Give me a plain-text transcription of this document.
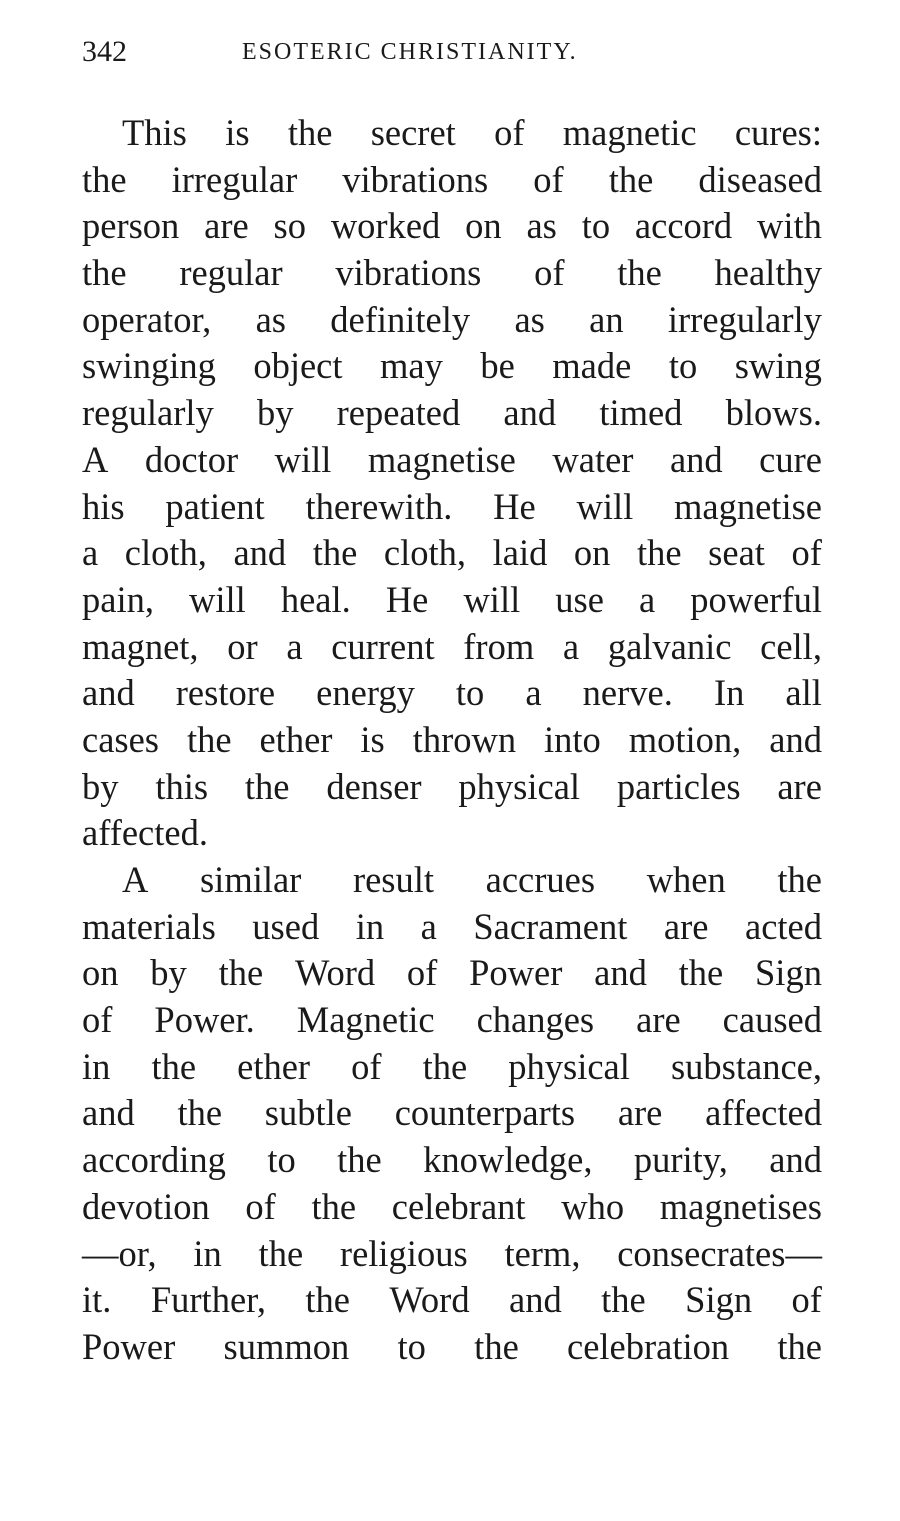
342	ESOTERIC CHRISTIANITY.
This is the secret of magnetic cures:
the irregular vibrations of the diseased
person are so worked on as to accord with
the regular vibrations of the healthy
operator, as definitely as an irregularly
swinging object may be made to swing
regularly by repeated and timed blows.
A doctor will magnetise water and cure
his patient therewith. He will magnetise
a cloth, and the cloth, laid on the seat of
pain, will heal. He will use a powerful
magnet, or a current from a galvanic cell,
and restore energy to a nerve. In all
cases the ether is thrown into motion, and
by this the denser physical particles are
affected.

A similar result accrues when the
materials used in a Sacrament are acted
on by the Word of Power and the Sign
of Power. Magnetic changes are caused
in the ether of the physical substance,
and the subtle counterparts are affected
according to the knowledge, purity, and
devotion of the celebrant who magnetises
—or, in the religious term, consecrates—
it. Further, the Word and the Sign of
Power summon to the celebration the
